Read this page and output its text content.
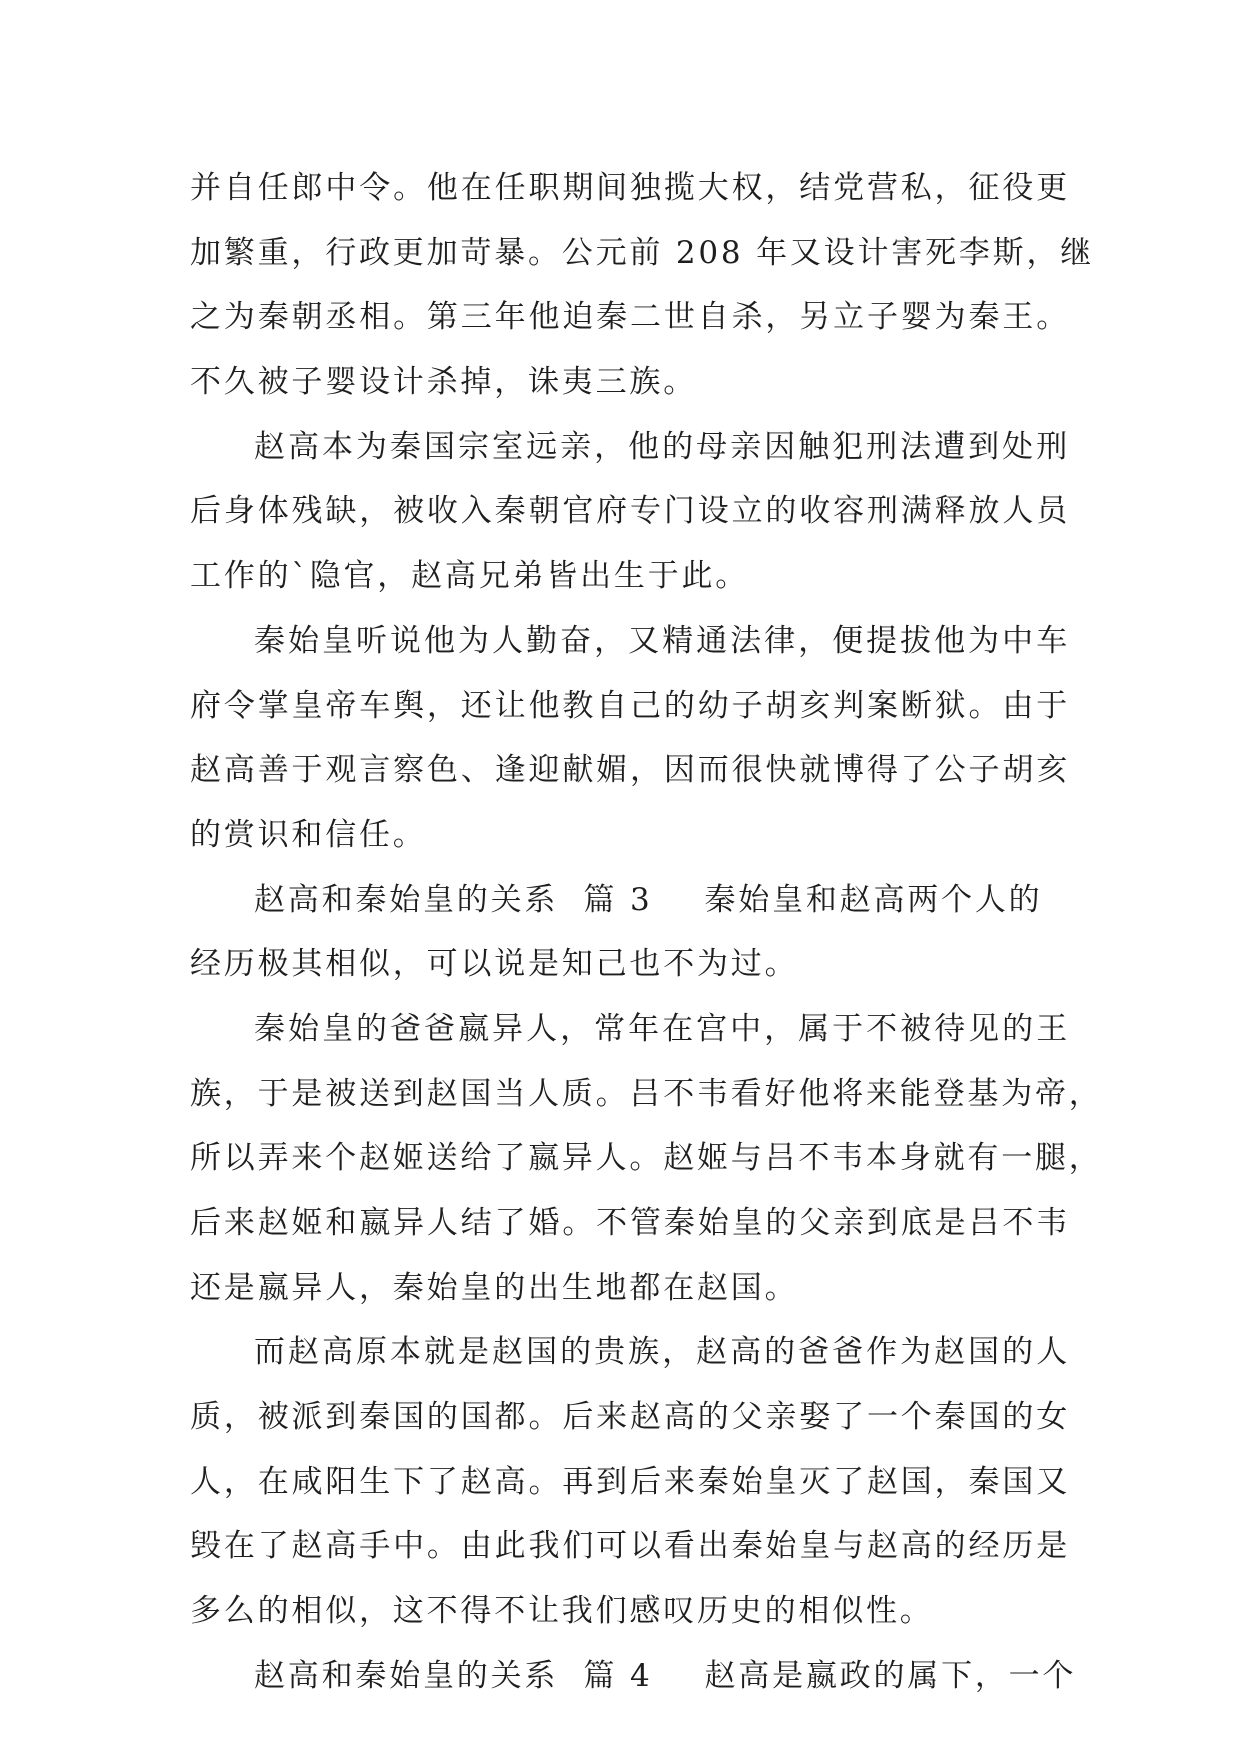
并自任郎中令。他在任职期间独揽大权，结党营私，征役更
加繁重，行政更加苛暴。公元前 208 年又设计害死李斯，继
之为秦朝丞相。第三年他迫秦二世自杀，另立子婴为秦王。
不久被子婴设计杀掉，诛夷三族。
赵高本为秦国宗室远亲，他的母亲因触犯刑法遭到处刑
后身体残缺，被收入秦朝官府专门设立的收容刑满释放人员
工作的`隐官，赵高兄弟皆出生于此。
秦始皇听说他为人勤奋，又精通法律，便提拔他为中车
府令掌皇帝车舆，还让他教自己的幼子胡亥判案断狱。由于
赵高善于观言察色、逢迎献媚，因而很快就博得了公子胡亥
的赏识和信任。
赵高和秦始皇的关系  篇 3 秦始皇和赵高两个人的
经历极其相似，可以说是知己也不为过。
秦始皇的爸爸嬴异人，常年在宫中，属于不被待见的王
族，于是被送到赵国当人质。吕不韦看好他将来能登基为帝，
所以弄来个赵姬送给了嬴异人。赵姬与吕不韦本身就有一腿，
后来赵姬和嬴异人结了婚。不管秦始皇的父亲到底是吕不韦
还是嬴异人，秦始皇的出生地都在赵国。
而赵高原本就是赵国的贵族，赵高的爸爸作为赵国的人
质，被派到秦国的国都。后来赵高的父亲娶了一个秦国的女
人，在咸阳生下了赵高。再到后来秦始皇灭了赵国，秦国又
毁在了赵高手中。由此我们可以看出秦始皇与赵高的经历是
多么的相似，这不得不让我们感叹历史的相似性。
赵高和秦始皇的关系  篇 4 赵高是嬴政的属下，一个
